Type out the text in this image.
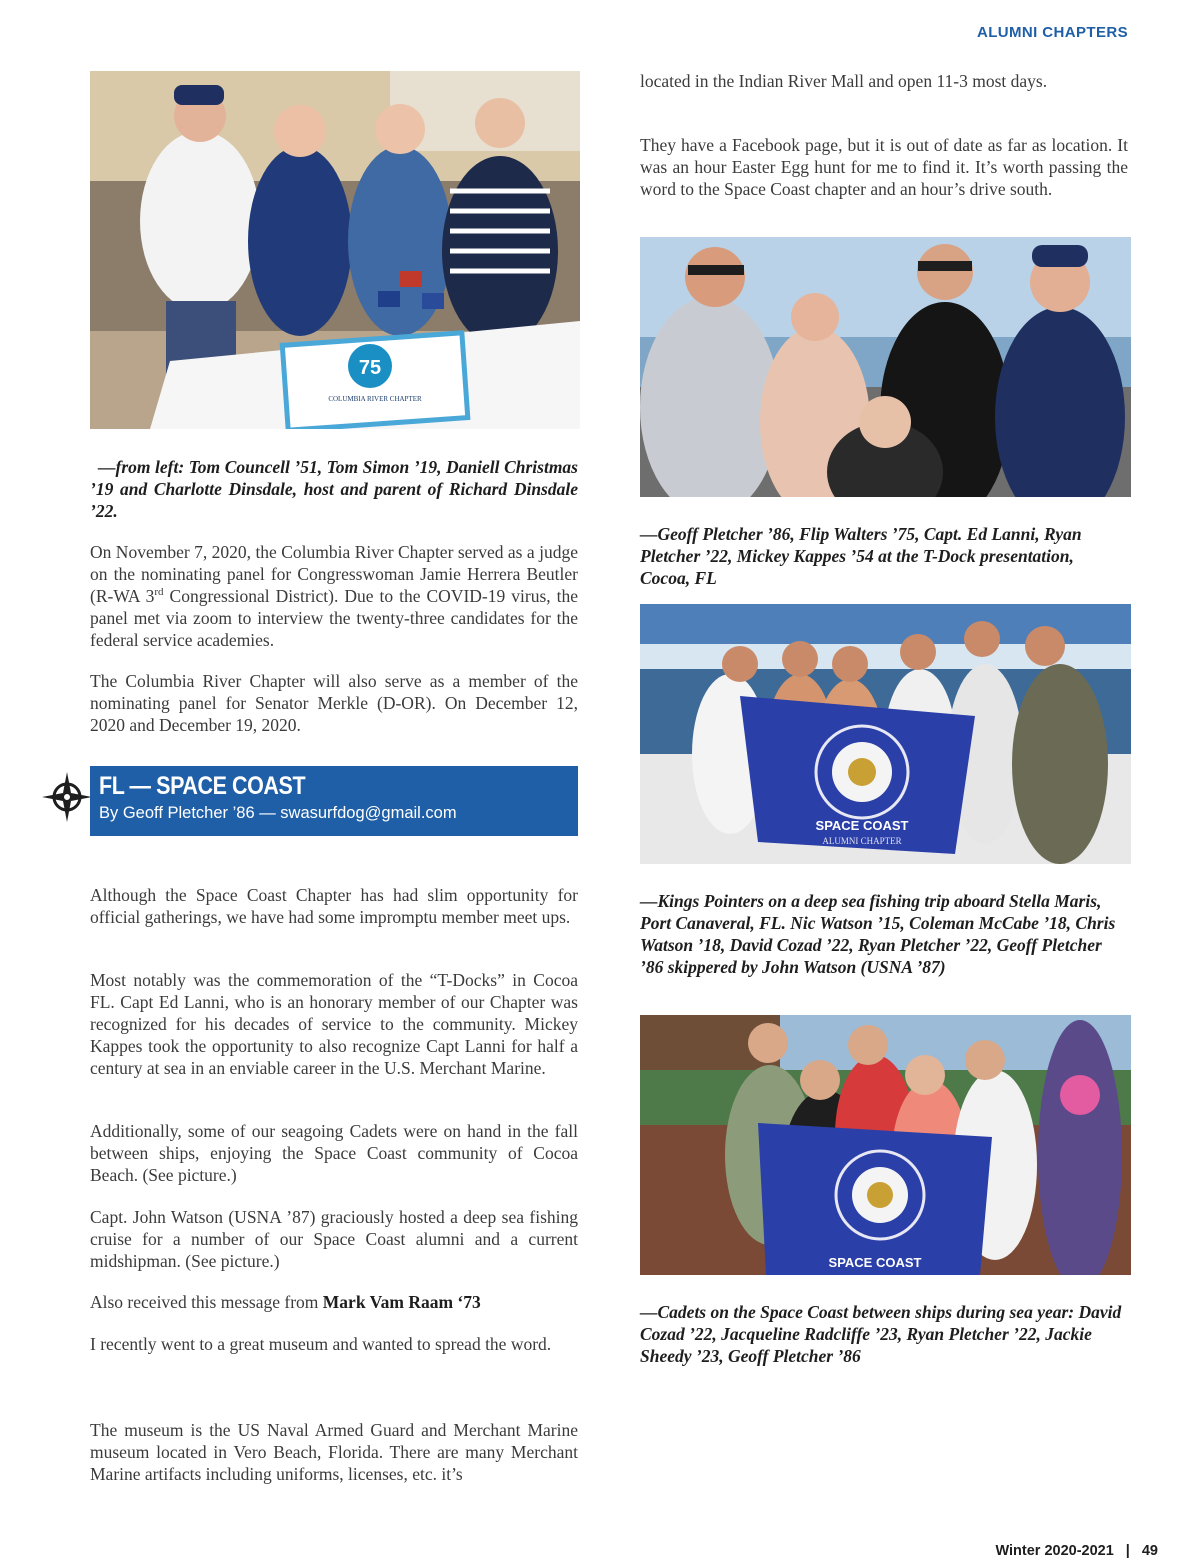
ALUMNI CHAPTERS
75
COLUMBIA RIVER CHAPTER

—from left: Tom Councell ’51, Tom Simon ’19, Daniell Christmas ’19 and Charlotte Dinsdale, host and parent of Richard Dinsdale ’22.

On November 7, 2020, the Columbia River Chapter served as a judge on the nominating panel for Congresswoman Jamie Herrera Beutler (R-WA 3rd Congressional District). Due to the COVID-19 virus, the panel met via zoom to interview the twenty-three candidates for the federal service academies.

The Columbia River Chapter will also serve as a member of the nominating panel for Senator Merkle (D-OR). On December 12, 2020 and December 19, 2020.

FL — SPACE COAST
By Geoff Pletcher ’86 — swasurfdog@gmail.com

Although the Space Coast Chapter has had slim opportunity for official gatherings, we have had some impromptu member meet ups.

Most notably was the commemoration of the “T-Docks” in Cocoa FL. Capt Ed Lanni, who is an honorary member of our Chapter was recognized for his decades of service to the community. Mickey Kappes took the opportunity to also recognize Capt Lanni for half a century at sea in an enviable career in the U.S. Merchant Marine.

Additionally, some of our seagoing Cadets were on hand in the fall between ships, enjoying the Space Coast community of Cocoa Beach. (See picture.)

Capt. John Watson (USNA ’87) graciously hosted a deep sea fishing cruise for a number of our Space Coast alumni and a current midshipman. (See picture.)

Also received this message from Mark Vam Raam ‘73

I recently went to a great museum and wanted to spread the word.

The museum is the US Naval Armed Guard and Merchant Marine museum located in Vero Beach, Florida. There are many Merchant Marine artifacts including uniforms, licenses, etc. it’s

located in the Indian River Mall and open 11-3 most days.

They have a Facebook page, but it is out of date as far as location. It was an hour Easter Egg hunt for me to find it. It’s worth passing the word to the Space Coast chapter and an hour’s drive south.

—Geoff Pletcher ’86, Flip Walters ’75, Capt. Ed Lanni, Ryan Pletcher ’22, Mickey Kappes ’54 at the T-Dock presentation, Cocoa, FL

SPACE COAST
ALUMNI CHAPTER

—Kings Pointers on a deep sea fishing trip aboard Stella Maris, Port Canaveral, FL. Nic Watson ’15, Coleman McCabe ’18, Chris Watson ’18, David Cozad ’22, Ryan Pletcher ’22, Geoff Pletcher ’86 skippered by John Watson (USNA ’87)

SPACE COAST

—Cadets on the Space Coast between ships during sea year: David Cozad ’22, Jacqueline Radcliffe ’23, Ryan Pletcher ’22, Jackie Sheedy ’23, Geoff Pletcher ’86

Winter 2020-2021 | 49
